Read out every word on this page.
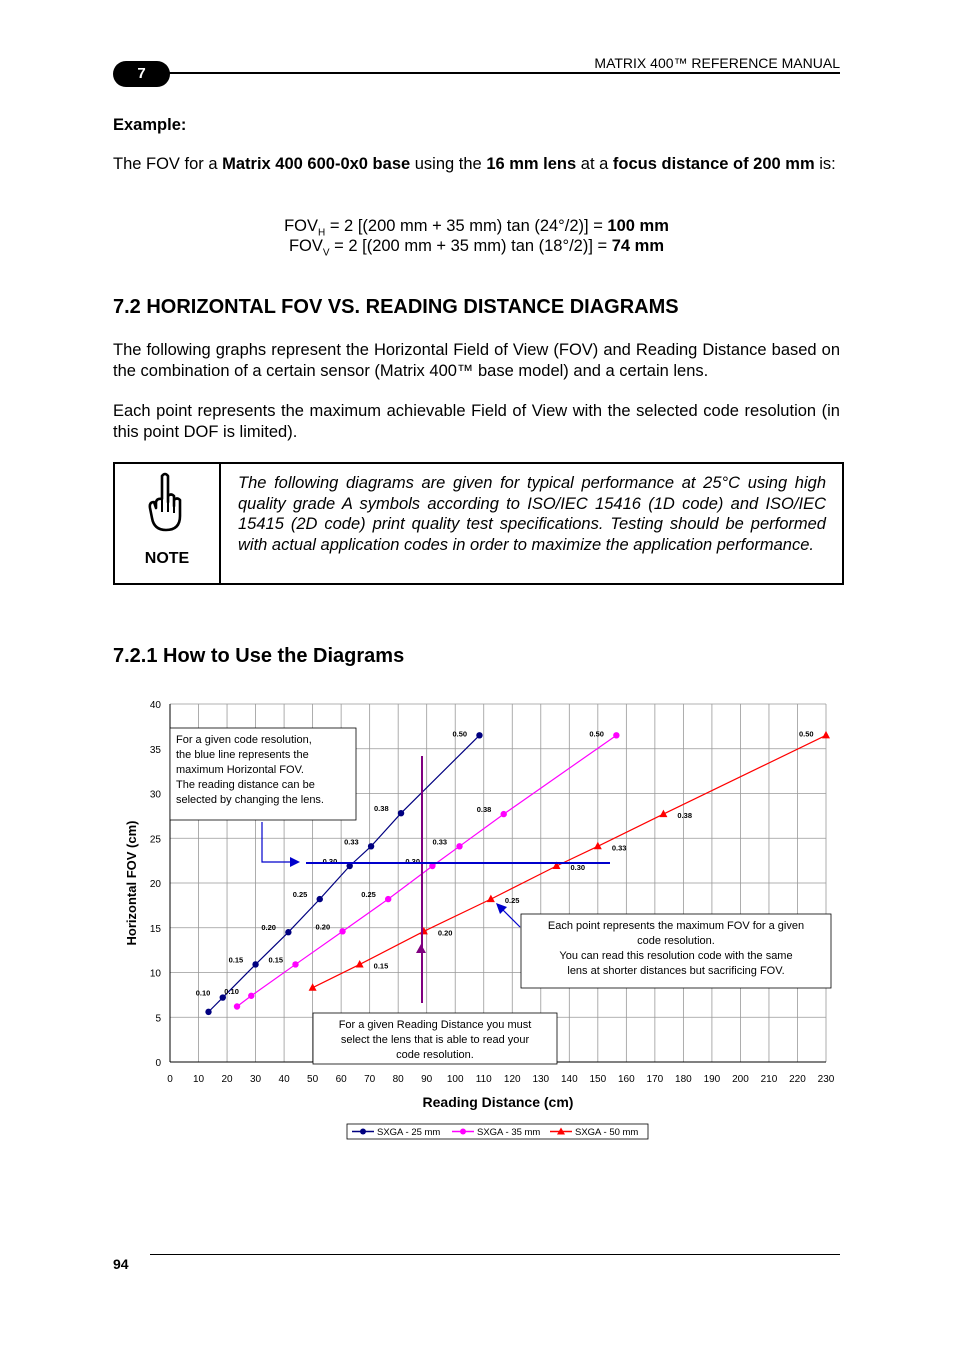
7
MATRIX 400™ REFERENCE MANUAL
Example:
The FOV for a Matrix 400 600-0x0 base using the 16 mm lens at a focus distance of 200 mm is:
$FOV_H = 2$ [(200 mm + 35 mm) tan (24°/2)] = 100 mm
$FOV_V = 2$ [(200 mm + 35 mm) tan (18°/2)] = 74 mm
7.2 HORIZONTAL FOV VS. READING DISTANCE DIAGRAMS
The following graphs represent the Horizontal Field of View (FOV) and Reading Distance based on the combination of a certain sensor (Matrix 400™ base model) and a certain lens.
Each point represents the maximum achievable Field of View with the selected code resolution (in this point DOF is limited).
NOTE
The following diagrams are given for typical performance at 25°C using high quality grade A symbols according to ISO/IEC 15416 (1D code) and ISO/IEC 15415 (2D code) print quality test specifications. Testing should be performed with actual application codes in order to maximize the application performance.
7.2.1 How to Use the Diagrams
0 10 20 30 40 50 60 70 80 90 100 110 120 130 140 150 160 170 180 190 200 210 220 230
0
5
10
15
20
25
30
35
40
Reading Distance (cm)
Horizontal FOV (cm)
0.10
0.15
0.20
0.25
0.30
0.33
0.38
0.50
0.10
0.15
0.20
0.25
0.30
0.33
0.38
0.50
0.15
0.20
0.25
0.30
0.33
0.38
0.50
For a given code resolution, the blue line represents the maximum Horizontal FOV. The reading distance can be selected by changing the lens.
Each point represents the maximum FOV for a given code resolution. You can read this resolution code with the same lens at shorter distances but sacrificing FOV.
For a given Reading Distance you must select the lens that is able to read your code resolution.
SXGA - 25 mm	SXGA - 35 mm	SXGA - 50 mm
94
